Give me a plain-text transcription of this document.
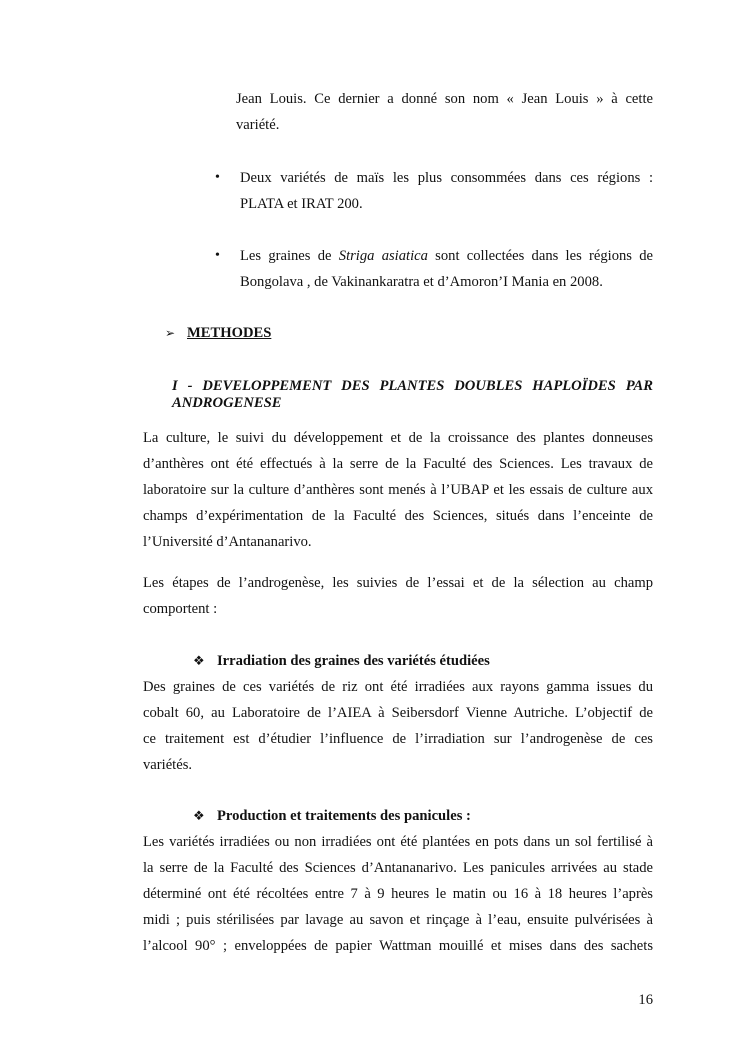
Jean Louis. Ce dernier a donné son nom « Jean Louis » à cette
variété.
• Deux variétés de maïs les plus consommées dans ces régions :
PLATA et IRAT 200.
• Les graines de Striga asiatica sont collectées dans les régions de
Bongolava , de Vakinankaratra et d’Amoron’I Mania en 2008.
➢ METHODES
I - DEVELOPPEMENT DES PLANTES DOUBLES HAPLOÏDES PAR
ANDROGENESE
La culture, le suivi du développement et de la croissance des plantes donneuses
d’anthères ont été effectués à la serre de la Faculté des Sciences. Les travaux de
laboratoire sur la culture d’anthères sont menés à l’UBAP et les essais de culture aux
champs d’expérimentation de la Faculté des Sciences, situés dans l’enceinte de
l’Université d’Antananarivo.
Les étapes de l’androgenèse, les suivies de l’essai et de la sélection au champ
comportent :
❖ Irradiation des graines des variétés étudiées
Des graines de ces variétés de riz ont été irradiées aux rayons gamma issues du
cobalt 60, au Laboratoire de l’AIEA à Seibersdorf Vienne Autriche. L’objectif de
ce traitement est d’étudier l’influence de l’irradiation sur l’androgenèse de ces
variétés.
❖ Production et traitements des panicules :
Les variétés irradiées ou non irradiées ont été plantées en pots dans un sol fertilisé à
la serre de la Faculté des Sciences d’Antananarivo. Les panicules arrivées au stade
déterminé ont été récoltées entre 7 à 9 heures le matin ou 16 à 18 heures l’après
midi ; puis stérilisées par lavage au savon et rinçage à l’eau, ensuite pulvérisées à
l’alcool 90° ; enveloppées de papier Wattman mouillé et mises dans des sachets
16
